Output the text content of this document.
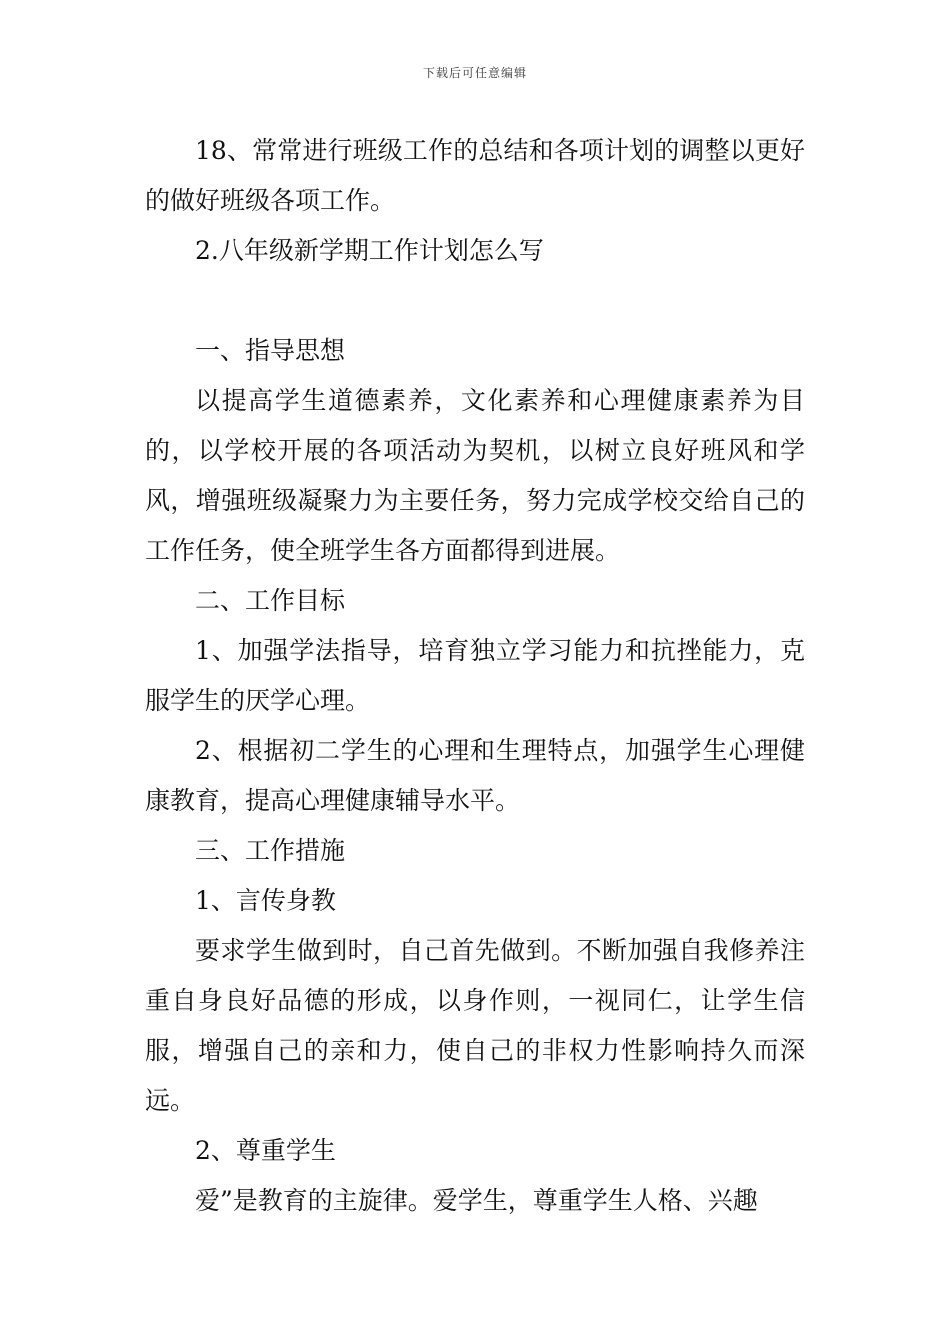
下载后可任意编辑

18、常常进行班级工作的总结和各项计划的调整以更好的做好班级各项工作。

2.八年级新学期工作计划怎么写

一、指导思想

以提高学生道德素养，文化素养和心理健康素养为目的，以学校开展的各项活动为契机，以树立良好班风和学风，增强班级凝聚力为主要任务，努力完成学校交给自己的工作任务，使全班学生各方面都得到进展。

二、工作目标

1、加强学法指导，培育独立学习能力和抗挫能力，克服学生的厌学心理。

2、根据初二学生的心理和生理特点，加强学生心理健康教育，提高心理健康辅导水平。

三、工作措施

1、言传身教

要求学生做到时，自己首先做到。不断加强自我修养注重自身良好品德的形成，以身作则，一视同仁，让学生信服，增强自己的亲和力，使自己的非权力性影响持久而深远。

2、尊重学生

爱”是教育的主旋律。爱学生，尊重学生人格、兴趣
